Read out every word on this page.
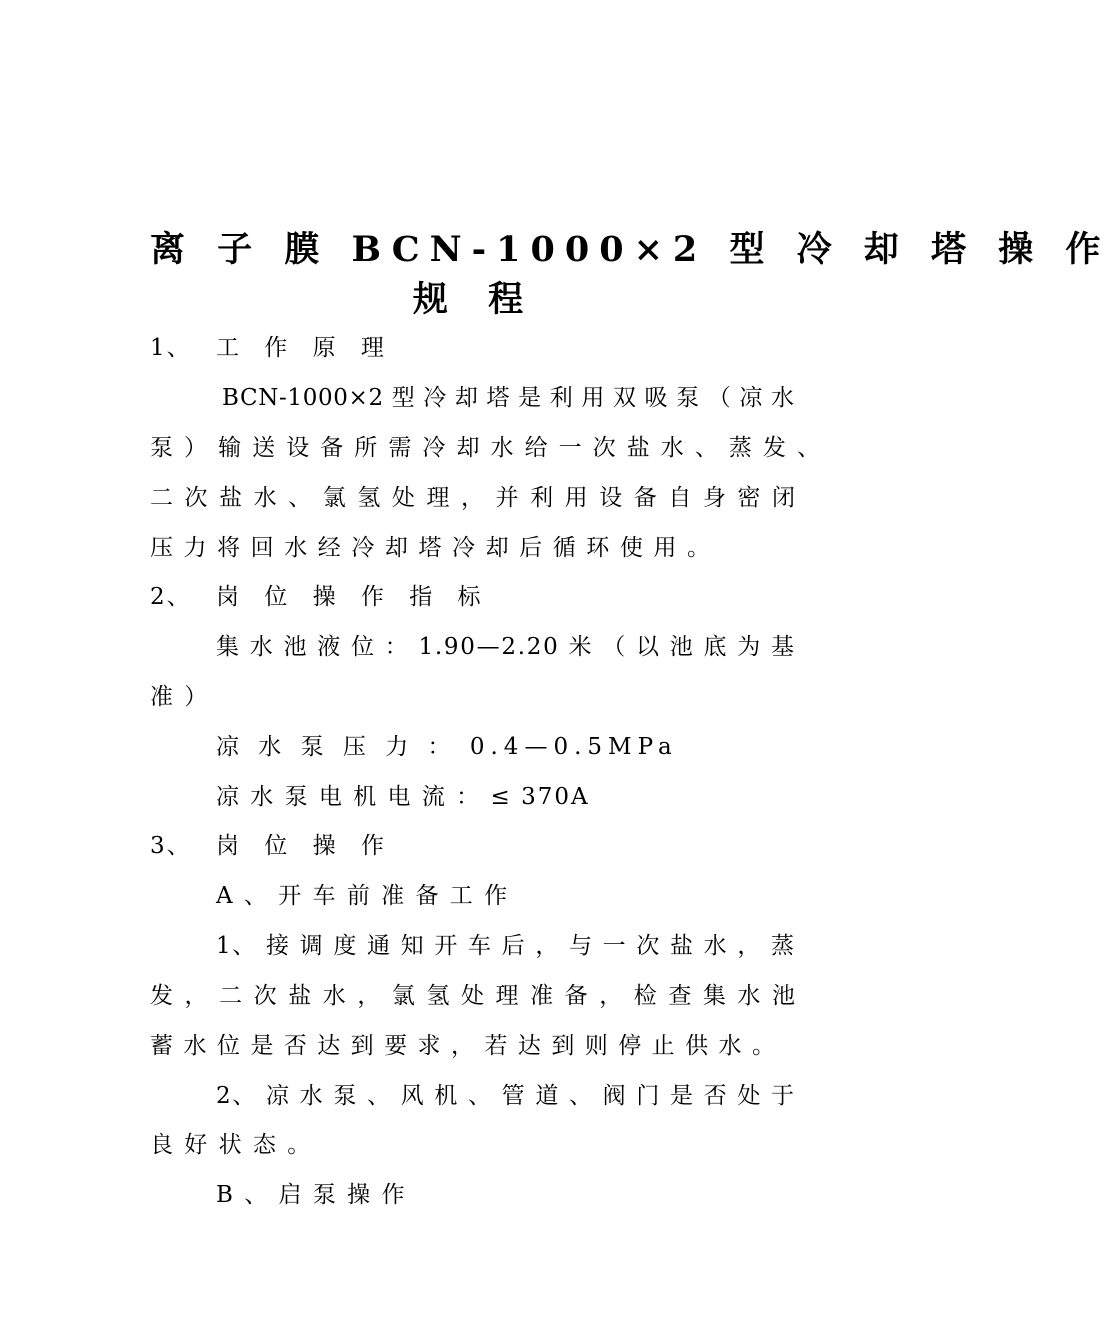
离 子 膜 BCN-1000×2 型 冷 却 塔 操 作
规 程
1、 工 作 原 理
BCN-1000×2 型 冷 却 塔 是 利 用 双 吸 泵 （ 凉 水
泵 ） 输 送 设 备 所 需 冷 却 水 给 一 次 盐 水 、 蒸 发 、
二 次 盐 水 、 氯 氢 处 理 ， 并 利 用 设 备 自 身 密 闭
压 力 将 回 水 经 冷 却 塔 冷 却 后 循 环 使 用 。
2、 岗 位 操 作 指 标
集 水 池 液 位 ： 1.90—2.20 米 （ 以 池 底 为 基
准 ）
凉 水 泵 压 力 ： 0.4—0.5MPa
凉 水 泵 电 机 电 流 ： ≤ 370A
3、 岗 位 操 作
A 、 开 车 前 准 备 工 作
1、 接 调 度 通 知 开 车 后 ， 与 一 次 盐 水 ， 蒸
发 ， 二 次 盐 水 ， 氯 氢 处 理 准 备 ， 检 查 集 水 池
蓄 水 位 是 否 达 到 要 求 ， 若 达 到 则 停 止 供 水 。
2、 凉 水 泵 、 风 机 、 管 道 、 阀 门 是 否 处 于
良 好 状 态 。
B 、 启 泵 操 作
